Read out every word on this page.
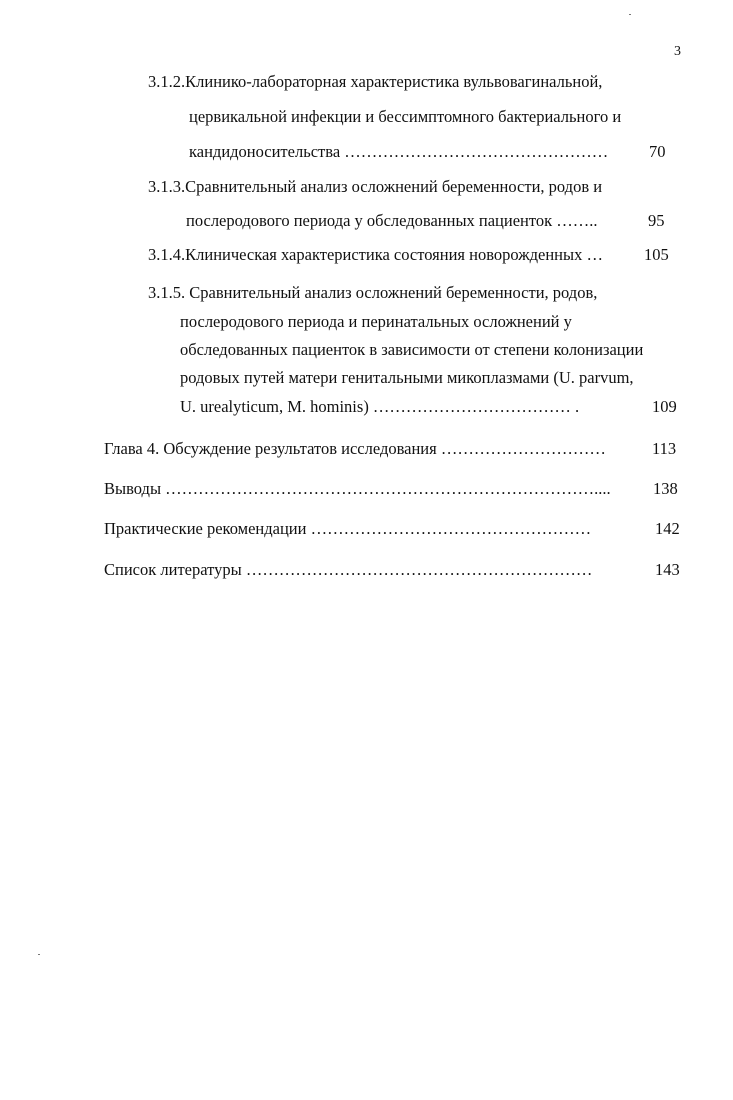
3
3.1.2.Клинико-лабораторная характеристика вульвовагинальной,
цервикальной инфекции и бессимптомного бактериального и
кандидоносительства ………………………………………… 70
3.1.3.Сравнительный анализ осложнений беременности, родов и
послеродового периода у обследованных пациенток ……..	95
3.1.4.Клиническая характеристика состояния новорожденных … 105
3.1.5. Сравнительный анализ осложнений беременности, родов,
послеродового периода и перинатальных осложнений у
обследованных пациенток в зависимости от степени колонизации
родовых путей матери генитальными микоплазмами (U. parvum,
U. urealyticum, M. hominis) ……………………………… .	109
Глава 4. Обсуждение результатов исследования …………………………	113
Выводы ……………………………………………………………………....	138
Практические рекомендации ……………………………………………	142
Список литературы ………………………………………………………	143
